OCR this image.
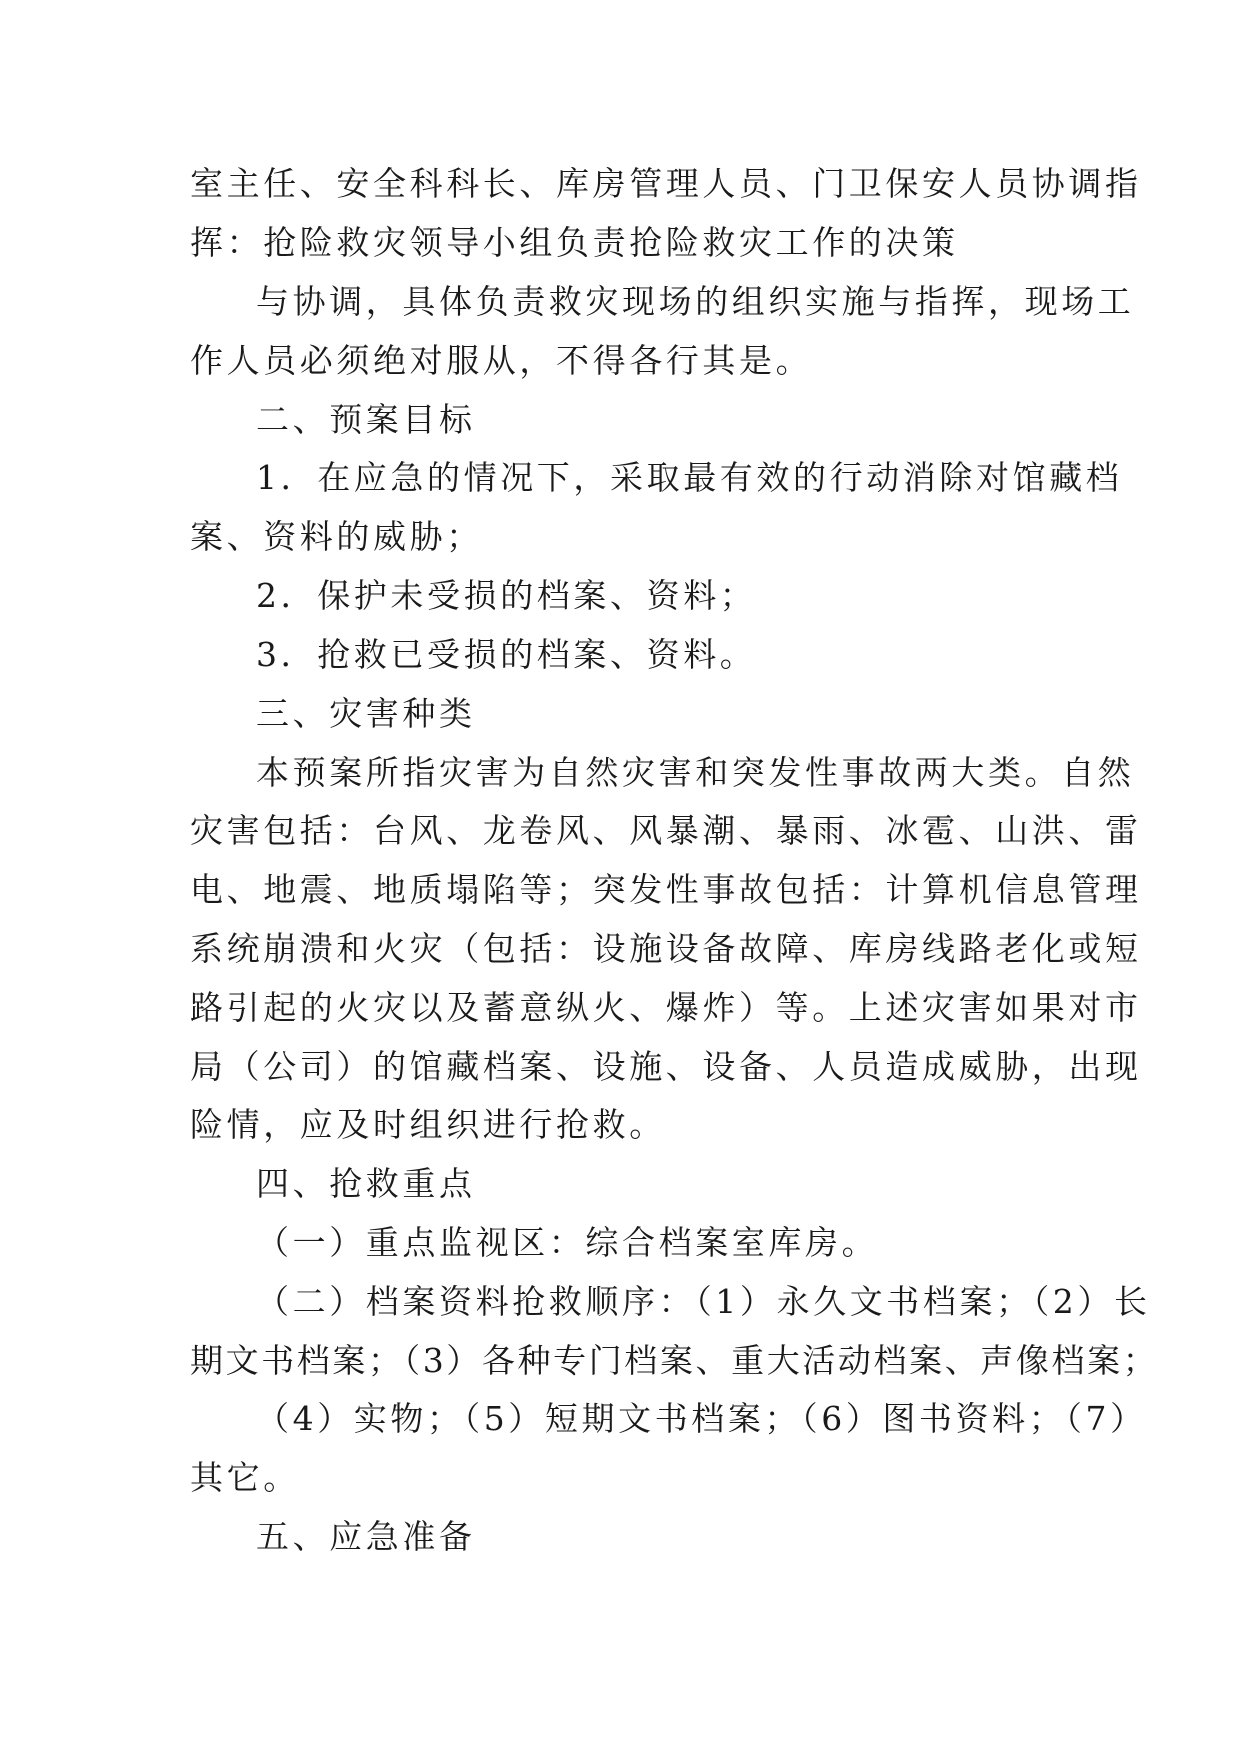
室主任、安全科科长、库房管理人员、门卫保安人员协调指
挥：抢险救灾领导小组负责抢险救灾工作的决策
与协调，具体负责救灾现场的组织实施与指挥，现场工
作人员必须绝对服从，不得各行其是。
二、预案目标
1．在应急的情况下，采取最有效的行动消除对馆藏档
案、资料的威胁；
2．保护未受损的档案、资料；
3．抢救已受损的档案、资料。
三、灾害种类
本预案所指灾害为自然灾害和突发性事故两大类。自然
灾害包括：台风、龙卷风、风暴潮、暴雨、冰雹、山洪、雷
电、地震、地质塌陷等；突发性事故包括：计算机信息管理
系统崩溃和火灾（包括：设施设备故障、库房线路老化或短
路引起的火灾以及蓄意纵火、爆炸）等。上述灾害如果对市
局（公司）的馆藏档案、设施、设备、人员造成威胁，出现
险情，应及时组织进行抢救。
四、抢救重点
（一）重点监视区：综合档案室库房。
（二）档案资料抢救顺序：（1）永久文书档案；（2）长
期文书档案；（3）各种专门档案、重大活动档案、声像档案；
（4）实物；（5）短期文书档案；（6）图书资料；（7）
其它。
五、应急准备
